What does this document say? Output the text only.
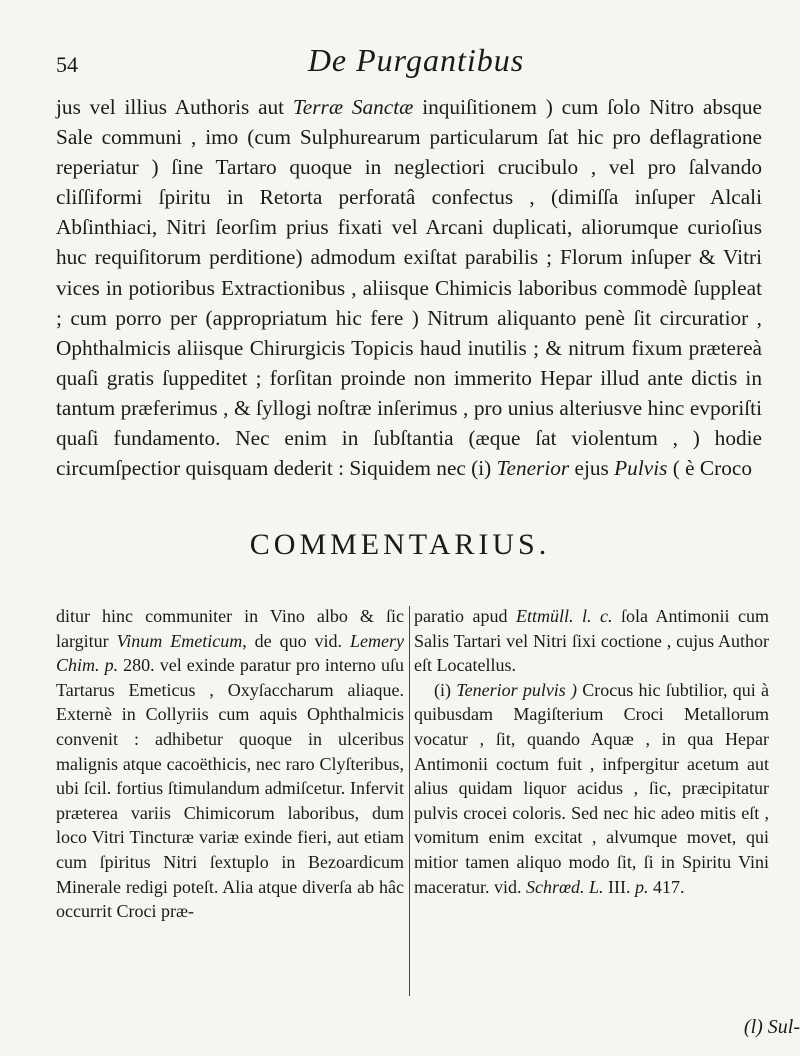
54	De Purgantibus

jus vel illius Authoris aut Terræ Sanctæ inquiſitionem ) cum ſolo Nitro absque Sale communi , imo (cum Sulphurearum particularum ſat hic pro deflagratione reperiatur ) ſine Tartaro quoque in neglectiori crucibulo , vel pro ſalvando cliſſiformi ſpiritu in Retorta perforatâ confectus , (dimiſſa inſuper Alcali Abſinthiaci, Nitri ſeorſim prius fixati vel Arcani duplicati, aliorumque curioſius huc requiſitorum perditione) admodum exiſtat parabilis ; Florum inſuper & Vitri vices in potioribus Extractionibus , aliisque Chimicis laboribus commodè ſuppleat ; cum porro per (appropriatum hic fere ) Nitrum aliquanto penè ſit circuratior , Ophthalmicis aliisque Chirurgicis Topicis haud inutilis ; & nitrum fixum prætereà quaſi gratis ſuppeditet ; forſitan proinde non immerito Hepar illud ante dictis in tantum præferimus , & ſyllogi noſtræ inſerimus , pro unius alteriusve hinc evporiſti quaſi fundamento. Nec enim in ſubſtantia (æque ſat violentum , ) hodie circumſpectior quisquam dederit : Siquidem nec (i) Tenerior ejus Pulvis ( è Croco

COMMENTARIUS.

ditur hinc communiter in Vino albo & ſic largitur Vinum Emeticum, de quo vid. Lemery Chim. p. 280. vel exinde paratur pro interno uſu Tartarus Emeticus , Oxyſaccharum aliaque. Externè in Collyriis cum aquis Ophthalmicis convenit : adhibetur quoque in ulceribus malignis atque cacoëthicis, nec raro Clyſteribus, ubi ſcil. fortius ſtimulandum admiſcetur. Infervit præterea variis Chimicorum laboribus, dum loco Vitri Tincturæ variæ exinde fieri, aut etiam cum ſpiritus Nitri ſextuplo in Bezoardicum Minerale redigi poteſt. Alia atque diverſa ab hâc occurrit Croci præ-

paratio apud Ettmüll. l. c. ſola Antimonii cum Salis Tartari vel Nitri ſixi coctione , cujus Author eſt Locatellus.

(i) Tenerior pulvis ) Crocus hic ſubtilior, qui à quibusdam Magiſterium Croci Metallorum vocatur , ſit, quando Aquæ , in qua Hepar Antimonii coctum fuit , infpergitur acetum aut alius quidam liquor acidus , ſic, præcipitatur pulvis crocei coloris. Sed nec hic adeo mitis eſt , vomitum enim excitat , alvumque movet, qui mitior tamen aliquo modo ſit, ſi in Spiritu Vini maceratur. vid. Schrœd. L. III. p. 417.

(l) Sul-
